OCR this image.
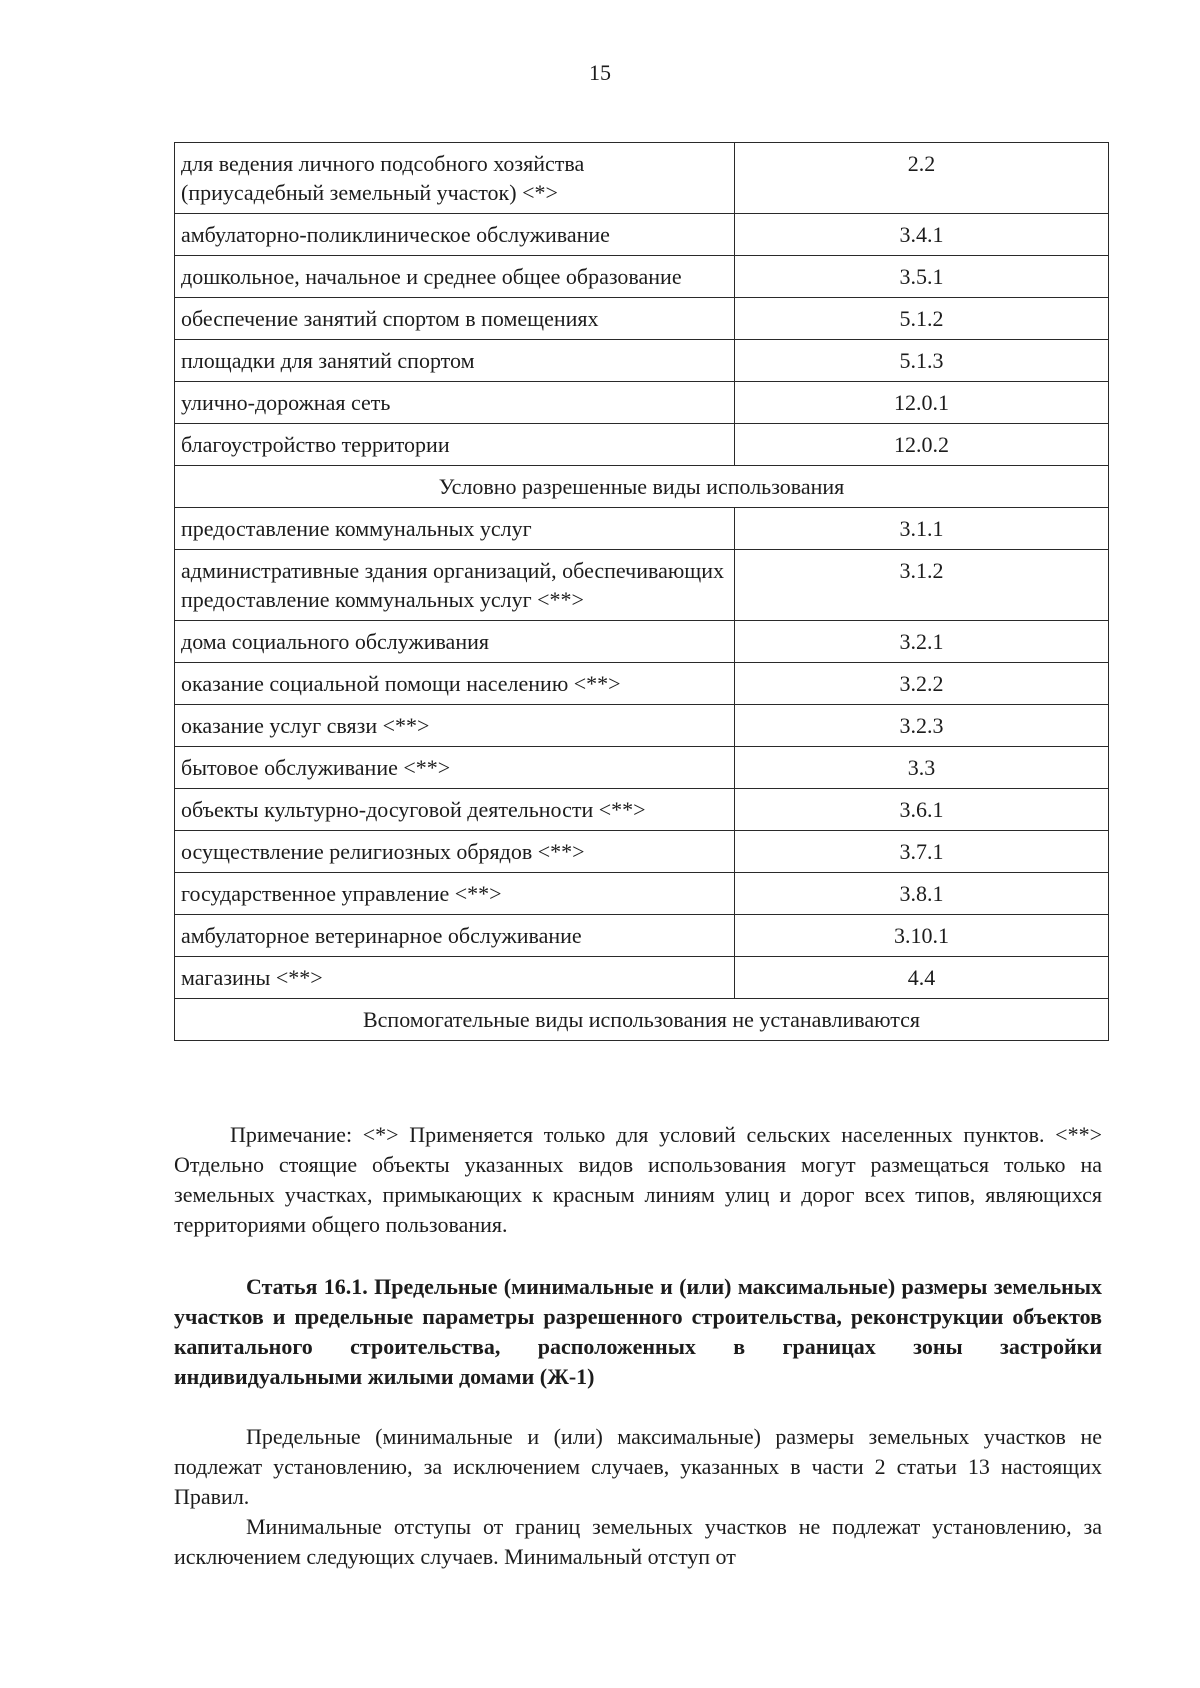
15
для ведения личного подсобного хозяйства (приусадебный земельный участок) <*>	2.2
амбулаторно-поликлиническое обслуживание	3.4.1
дошкольное, начальное и среднее общее образование	3.5.1
обеспечение занятий спортом в помещениях	5.1.2
площадки для занятий спортом	5.1.3
улично-дорожная сеть	12.0.1
благоустройство территории	12.0.2
Условно разрешенные виды использования	
предоставление коммунальных услуг	3.1.1
административные здания организаций, обеспечивающих предоставление коммунальных услуг <**>	3.1.2
дома социального обслуживания	3.2.1
оказание социальной помощи населению <**>	3.2.2
оказание услуг связи <**>	3.2.3
бытовое обслуживание <**>	3.3
объекты культурно-досуговой деятельности <**>	3.6.1
осуществление религиозных обрядов <**>	3.7.1
государственное управление <**>	3.8.1
амбулаторное ветеринарное обслуживание	3.10.1
магазины <**>	4.4
Вспомогательные виды использования не устанавливаются	

Примечание: <*> Применяется только для условий сельских населенных пунктов. <**> Отдельно стоящие объекты указанных видов использования могут размещаться только на земельных участках, примыкающих к красным линиям улиц и дорог всех типов, являющихся территориями общего пользования.

Статья 16.1. Предельные (минимальные и (или) максимальные) размеры земельных участков и предельные параметры разрешенного строительства, реконструкции объектов капитального строительства, расположенных в границах зоны застройки индивидуальными жилыми домами (Ж-1)

Предельные (минимальные и (или) максимальные) размеры земельных участков не подлежат установлению, за исключением случаев, указанных в части 2 статьи 13 настоящих Правил.

Минимальные отступы от границ земельных участков не подлежат установлению, за исключением следующих случаев. Минимальный отступ от
